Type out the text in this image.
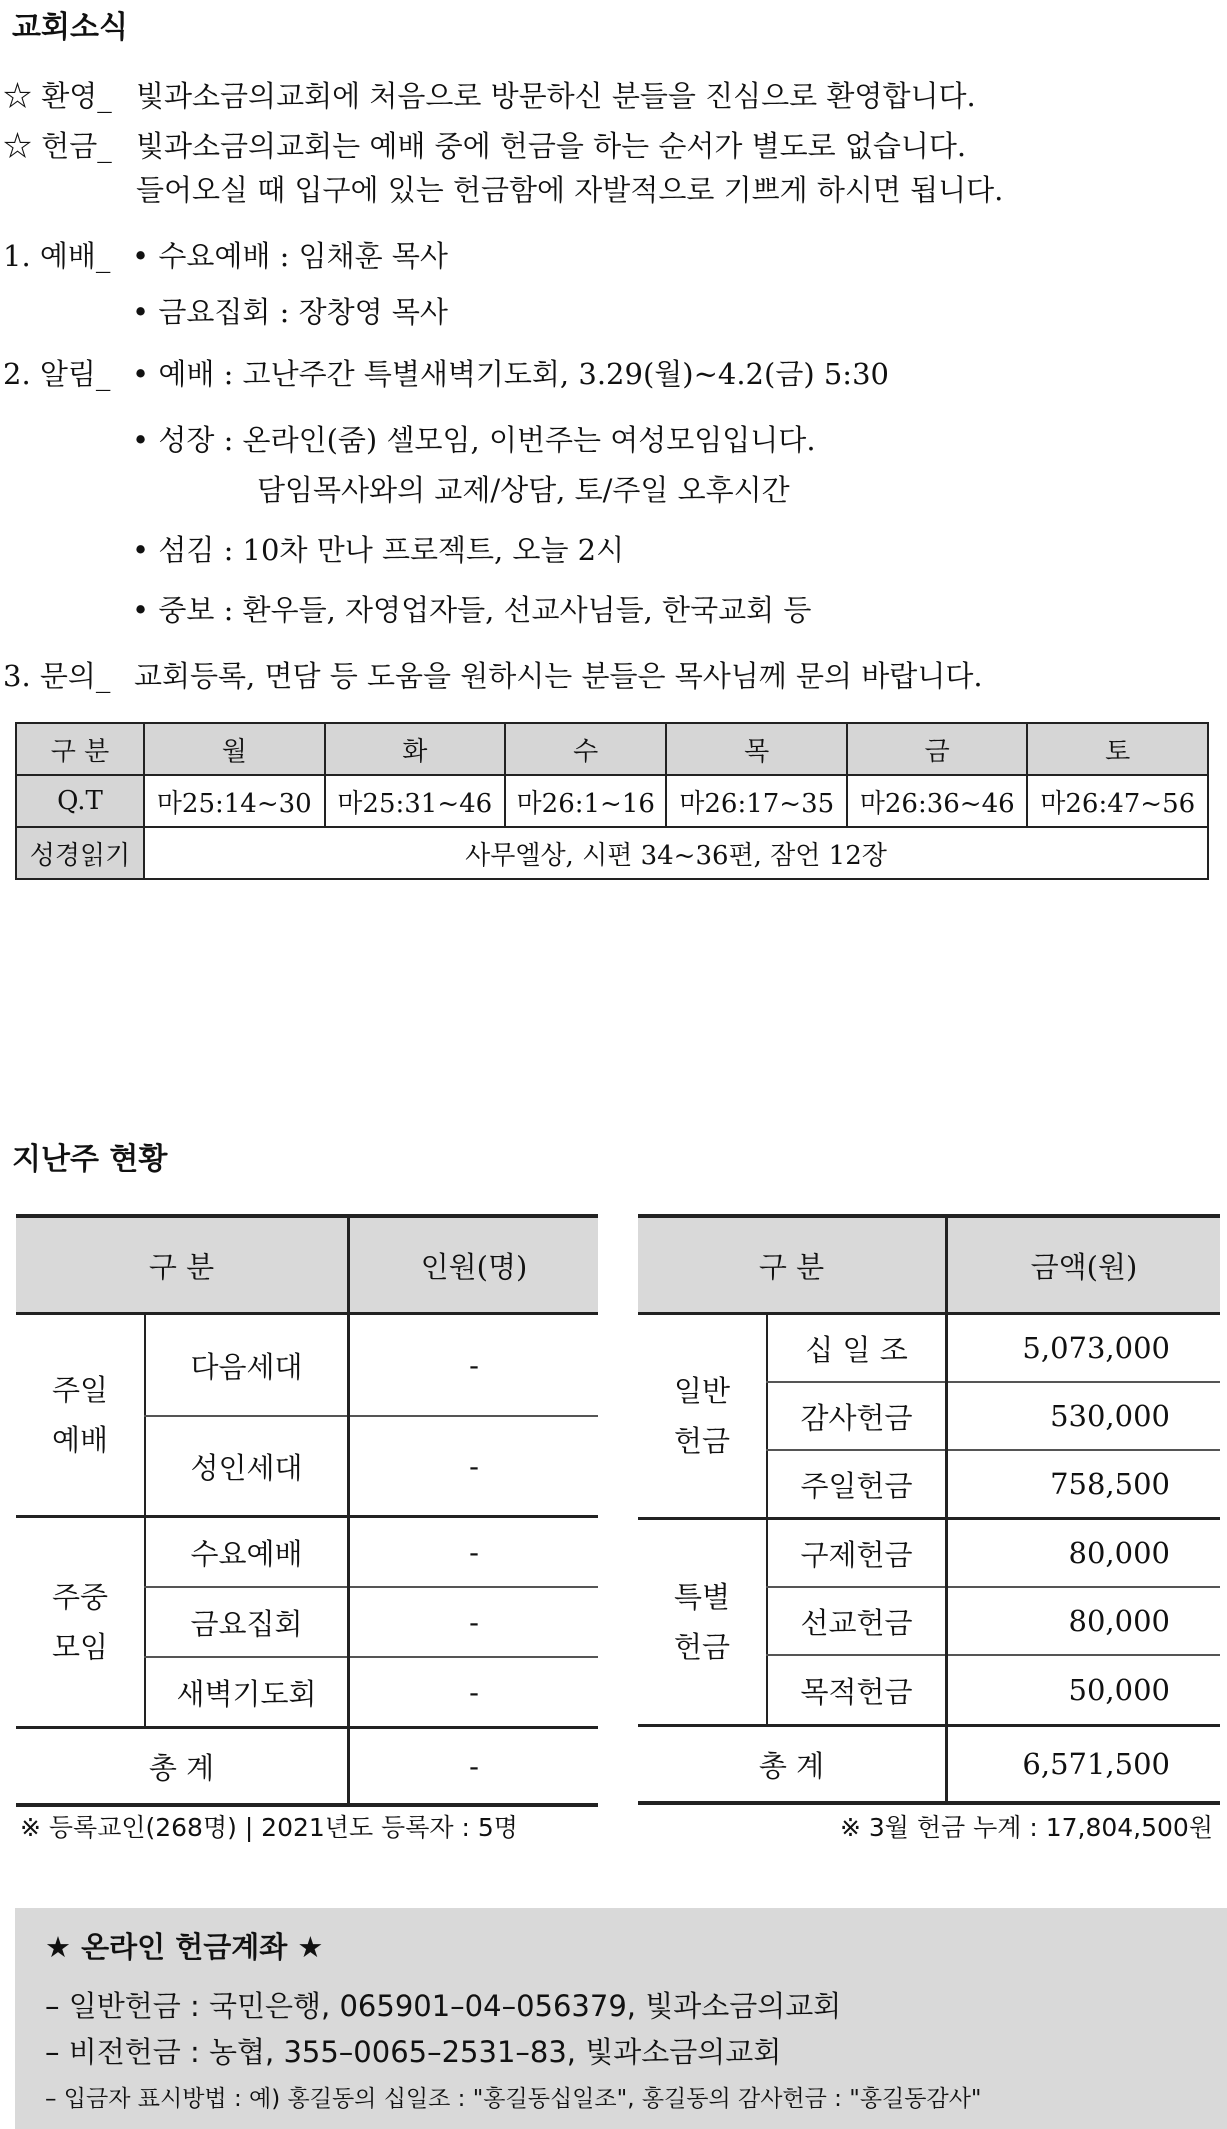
교회소식
☆ 환영_ 빛과소금의교회에 처음으로 방문하신 분들을 진심으로 환영합니다.
☆ 헌금_ 빛과소금의교회는 예배 중에 헌금을 하는 순서가 별도로 없습니다.
들어오실 때 입구에 있는 헌금함에 자발적으로 기쁘게 하시면 됩니다.
1. 예배_ • 수요예배 : 임채훈 목사
• 금요집회 : 장창영 목사
2. 알림_ • 예배 : 고난주간 특별새벽기도회, 3.29(월)~4.2(금) 5:30
• 성장 : 온라인(줌) 셀모임, 이번주는 여성모임입니다.
담임목사와의 교제/상담, 토/주일 오후시간
• 섬김 : 10차 만나 프로젝트, 오늘 2시
• 중보 : 환우들, 자영업자들, 선교사님들, 한국교회 등
3. 문의_ 교회등록, 면담 등 도움을 원하시는 분들은 목사님께 문의 바랍니다.
구 분	월	화	수	목	금	토
Q.T	마25:14~30	마25:31~46	마26:1~16	마26:17~35	마26:36~46	마26:47~56
성경읽기	사무엘상, 시편 34~36편, 잠언 12장					
지난주 현황
구 분		인원(명)
주일
예배	다음세대	-
	성인세대	-
주중
모임	수요예배	-
	금요집회	-
	새벽기도회	-
총 계		-
구 분		금액(원)
일반
헌금	십 일 조	5,073,000
	감사헌금	530,000
	주일헌금	758,500
특별
헌금	구제헌금	80,000
	선교헌금	80,000
	목적헌금	50,000
총 계		6,571,500
※ 등록교인(268명) | 2021년도 등록자 : 5명	※ 3월 헌금 누계 : 17,804,500원
★ 온라인 헌금계좌 ★
– 일반헌금 : 국민은행, 065901–04–056379, 빛과소금의교회
– 비전헌금 : 농협, 355–0065–2531–83, 빛과소금의교회
– 입금자 표시방법 : 예) 홍길동의 십일조 : "홍길동십일조", 홍길동의 감사헌금 : "홍길동감사"
